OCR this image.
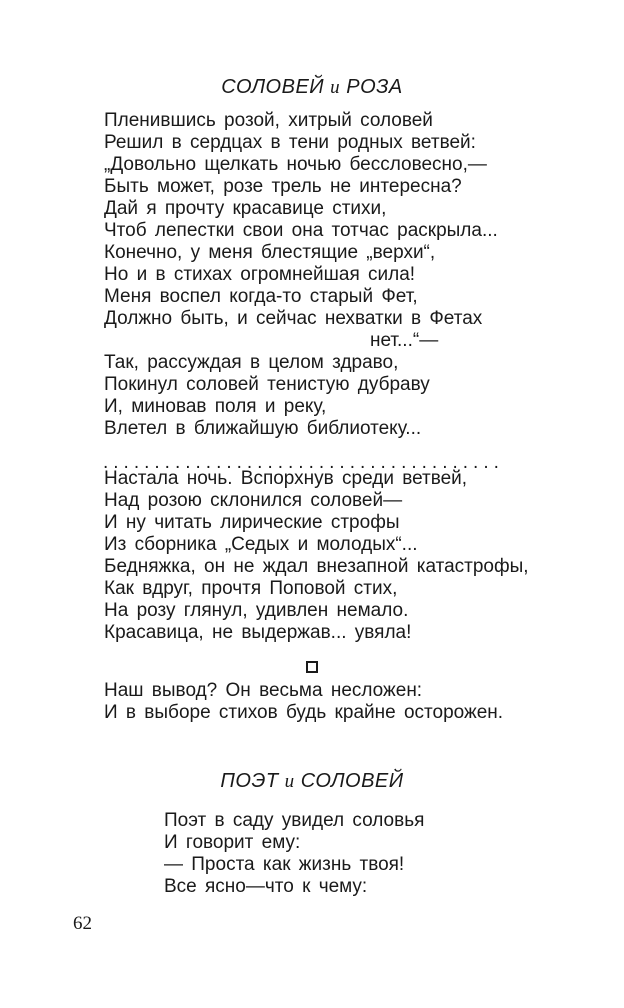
СОЛОВЕЙ и РОЗА
Пленившись розой, хитрый соловей
Решил в сердцах в тени родных ветвей:
„Довольно щелкать ночью бессловесно,—
Быть может, розе трель не интересна?
Дай я прочту красавице стихи,
Чтоб лепестки свои она тотчас раскрыла...
Конечно, у меня блестящие „верхи“,
Но и в стихах огромнейшая сила!
Меня воспел когда-то старый Фет,
Должно быть, и сейчас нехватки в Фетах
нет...“—
Так, рассуждая в целом здраво,
Покинул соловей тенистую дубраву
И, миновав поля и реку,
Влетел в ближайшую библиотеку...
.......................................
Настала ночь. Вспорхнув среди ветвей,
Над розою склонился соловей—
И ну читать лирические строфы
Из сборника „Седых и молодых“...
Бедняжка, он не ждал внезапной катастрофы,
Как вдруг, прочтя Поповой стих,
На розу глянул, удивлен немало.
Красавица, не выдержав... увяла!
Наш вывод? Он весьма несложен:
И в выборе стихов будь крайне осторожен.
ПОЭТ и СОЛОВЕЙ
Поэт в саду увидел соловья
И говорит ему:
— Проста как жизнь твоя!
Все ясно—что к чему:
62
